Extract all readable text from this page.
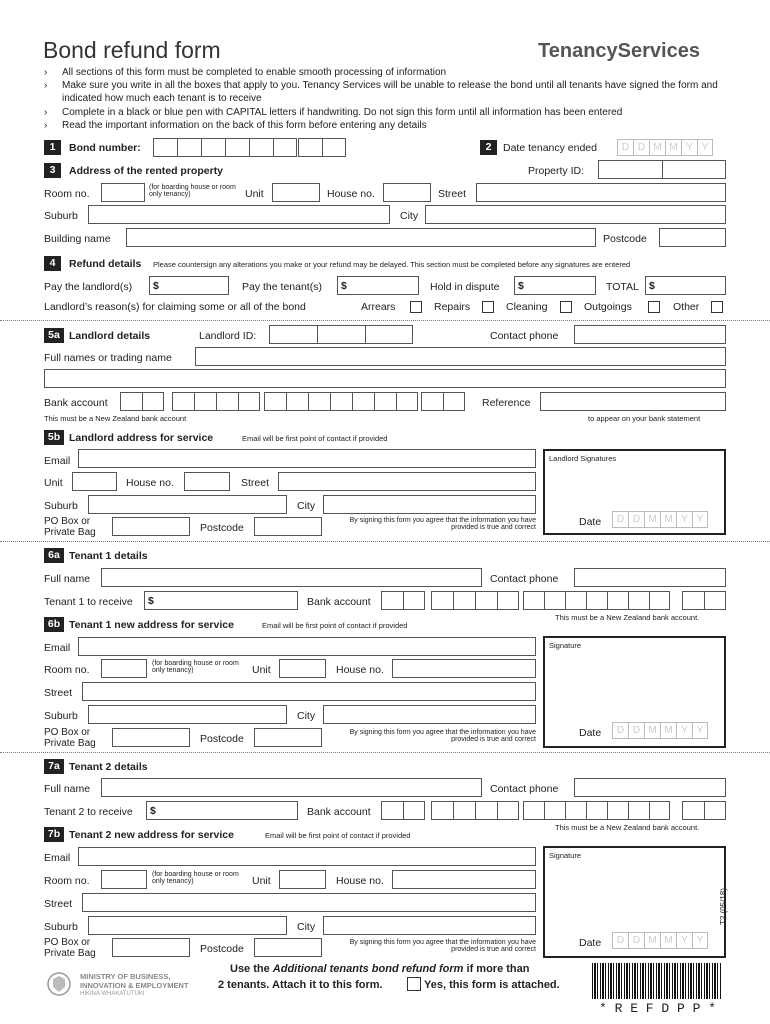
Bond refund form	TenancyServices
› All sections of this form must be completed to enable smooth processing of information
› Make sure you write in all the boxes that apply to you. Tenancy Services will be unable to release the bond until all tenants have signed the form and indicated how much each tenant is to receive
› Complete in a black or blue pen with CAPITAL letters if handwriting. Do not sign this form until all information has been entered
› Read the important information on the back of this form before entering any details
1	Bond number:	2	Date tenancy ended	D D M M Y Y
3	Address of the rented property	Property ID:
Room no.
(for boarding house or room only tenancy)	Unit	House no.	Street
Suburb	City
Building name	Postcode
4	Refund details Please countersign any alterations you make or your refund may be delayed. This section must be completed before any signatures are entered
Pay the landlord(s) $	Pay the tenant(s) $	Hold in dispute $	TOTAL $
Landlord’s reason(s) for claiming some or all of the bond	Arrears	Repairs	Cleaning	Outgoings	Other
5a Landlord details	Landlord ID:	Contact phone
Full names or trading name
Bank account	Reference
This must be a New Zealand bank account	to appear on your bank statement
5b Landlord address for service	Email will be first point of contact if provided
Email
Unit	House no.	Street
Suburb	City
PO Box or Private Bag	Postcode
By signing this form you agree that the information you have provided is true and correct
Landlord Signatures
Date	D D M M Y Y
6a Tenant 1 details
Full name	Contact phone
Tenant 1 to receive $	Bank account
This must be a New Zealand bank account.
6b Tenant 1 new address for service	Email will be first point of contact if provided
Email
Room no.
(for boarding house or room only tenancy)	Unit	House no.
Street
Suburb	City
PO Box or Private Bag	Postcode
By signing this form you agree that the information you have provided is true and correct
Signature
Date	D D M M Y Y
7a Tenant 2 details
Full name	Contact phone
Tenant 2 to receive $	Bank account
This must be a New Zealand bank account.
7b Tenant 2 new address for service	Email will be first point of contact if provided
Email
Room no.
(for boarding house or room only tenancy)	Unit	House no.
Street
Suburb	City
PO Box or Private Bag	Postcode
By signing this form you agree that the information you have provided is true and correct
Signature
Date	D D M M Y Y
T2 (05/18)
MINISTRY OF BUSINESS,
INNOVATION & EMPLOYMENT
HĪKINA WHAKATUTUKI
Use the Additional tenants bond refund form if more than
2 tenants. Attach it to this form.	Yes, this form is attached.
* R E F D P P *
